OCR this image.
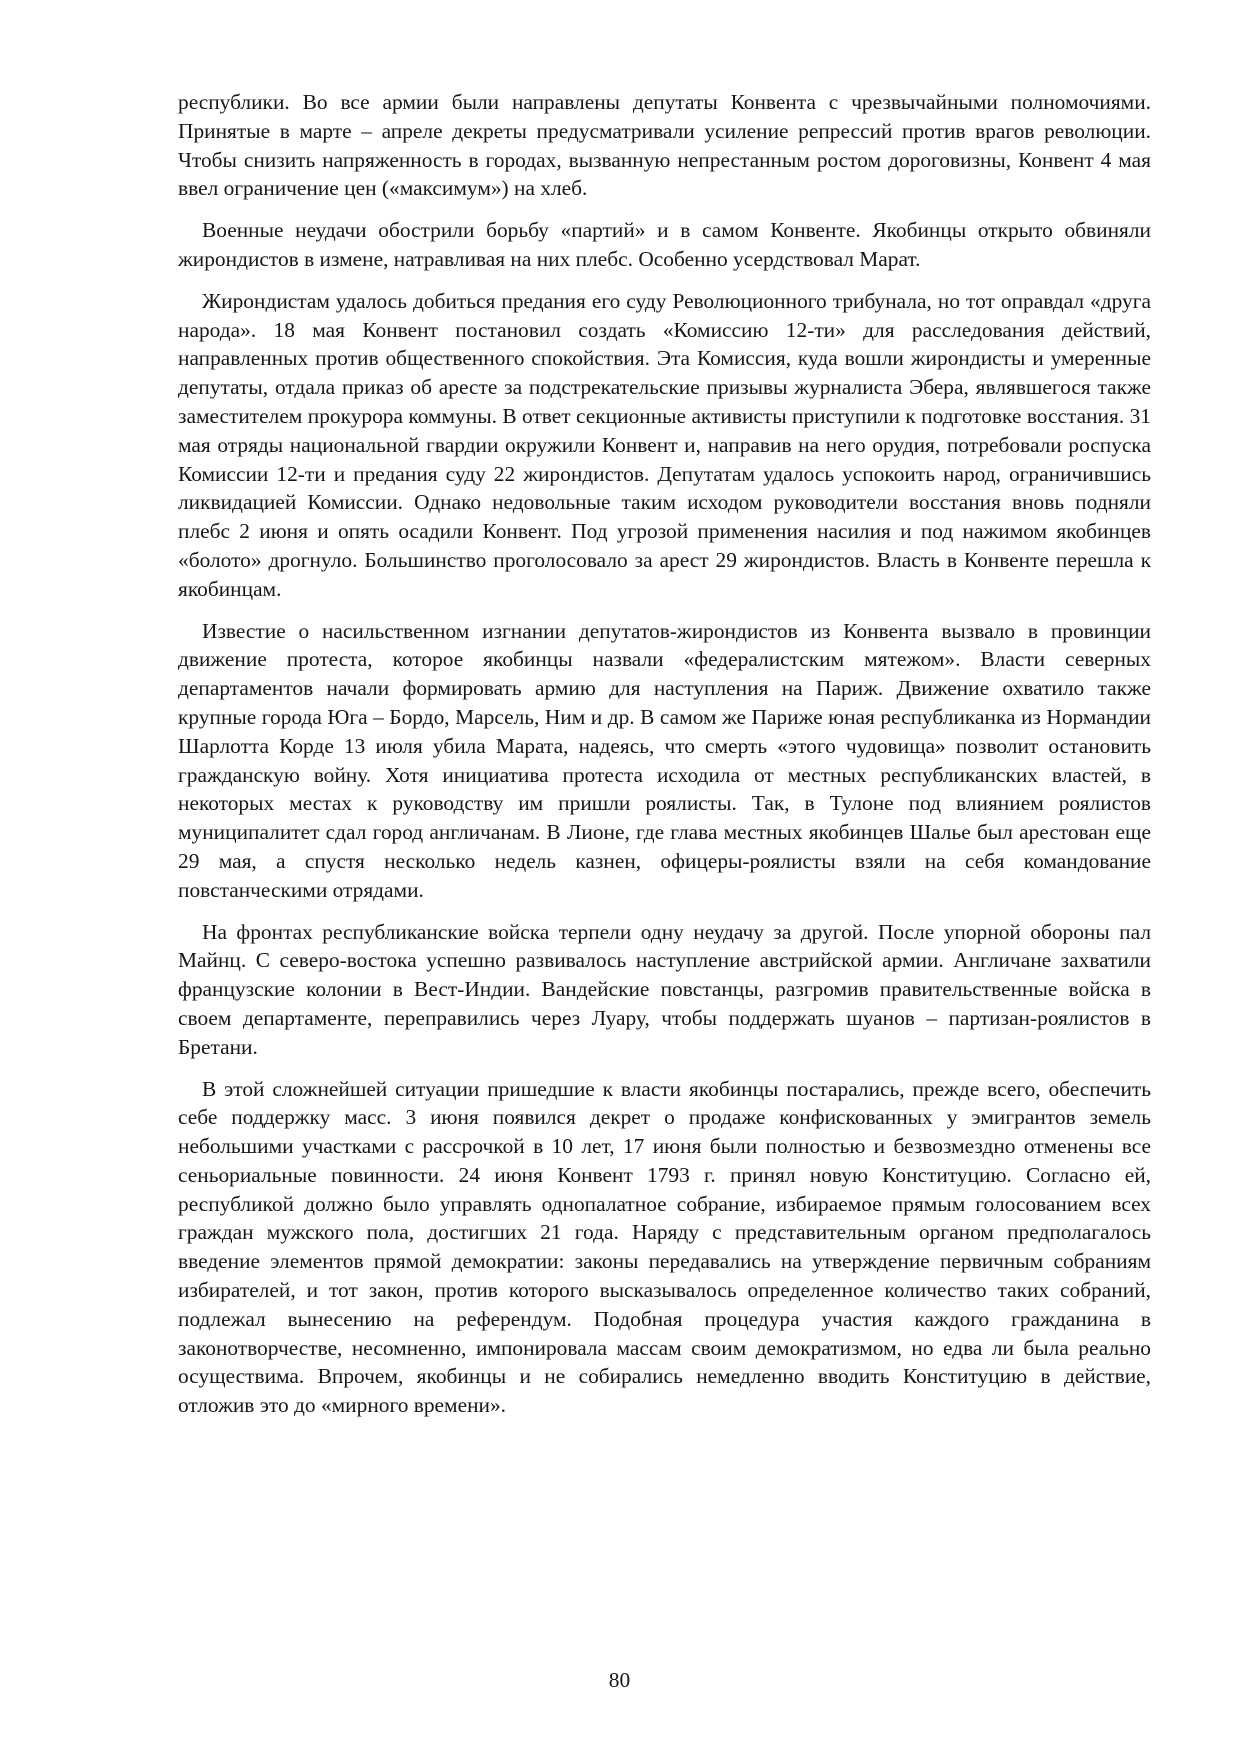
республики. Во все армии были направлены депутаты Конвента с чрезвычайными полномочиями. Принятые в марте – апреле декреты предусматривали усиление репрессий против врагов революции. Чтобы снизить напряженность в городах, вызванную непрестанным ростом дороговизны, Конвент 4 мая ввел ограничение цен («максимум») на хлеб.

Военные неудачи обострили борьбу «партий» и в самом Конвенте. Якобинцы открыто обвиняли жирондистов в измене, натравливая на них плебс. Особенно усердствовал Марат.

Жирондистам удалось добиться предания его суду Революционного трибунала, но тот оправдал «друга народа». 18 мая Конвент постановил создать «Комиссию 12-ти» для расследования действий, направленных против общественного спокойствия. Эта Комиссия, куда вошли жирондисты и умеренные депутаты, отдала приказ об аресте за подстрекательские призывы журналиста Эбера, являвшегося также заместителем прокурора коммуны. В ответ секционные активисты приступили к подготовке восстания. 31 мая отряды национальной гвардии окружили Конвент и, направив на него орудия, потребовали роспуска Комиссии 12-ти и предания суду 22 жирондистов. Депутатам удалось успокоить народ, ограничившись ликвидацией Комиссии. Однако недовольные таким исходом руководители восстания вновь подняли плебс 2 июня и опять осадили Конвент. Под угрозой применения насилия и под нажимом якобинцев «болото» дрогнуло. Большинство проголосовало за арест 29 жирондистов. Власть в Конвенте перешла к якобинцам.

Известие о насильственном изгнании депутатов-жирондистов из Конвента вызвало в провинции движение протеста, которое якобинцы назвали «федералистским мятежом». Власти северных департаментов начали формировать армию для наступления на Париж. Движение охватило также крупные города Юга – Бордо, Марсель, Ним и др. В самом же Париже юная республиканка из Нормандии Шарлотта Корде 13 июля убила Марата, надеясь, что смерть «этого чудовища» позволит остановить гражданскую войну. Хотя инициатива протеста исходила от местных республиканских властей, в некоторых местах к руководству им пришли роялисты. Так, в Тулоне под влиянием роялистов муниципалитет сдал город англичанам. В Лионе, где глава местных якобинцев Шалье был арестован еще 29 мая, а спустя несколько недель казнен, офицеры-роялисты взяли на себя командование повстанческими отрядами.

На фронтах республиканские войска терпели одну неудачу за другой. После упорной обороны пал Майнц. С северо-востока успешно развивалось наступление австрийской армии. Англичане захватили французские колонии в Вест-Индии. Вандейские повстанцы, разгромив правительственные войска в своем департаменте, переправились через Луару, чтобы поддержать шуанов – партизан-роялистов в Бретани.

В этой сложнейшей ситуации пришедшие к власти якобинцы постарались, прежде всего, обеспечить себе поддержку масс. 3 июня появился декрет о продаже конфискованных у эмигрантов земель небольшими участками с рассрочкой в 10 лет, 17 июня были полностью и безвозмездно отменены все сеньориальные повинности. 24 июня Конвент 1793 г. принял новую Конституцию. Согласно ей, республикой должно было управлять однопалатное собрание, избираемое прямым голосованием всех граждан мужского пола, достигших 21 года. Наряду с представительным органом предполагалось введение элементов прямой демократии: законы передавались на утверждение первичным собраниям избирателей, и тот закон, против которого высказывалось определенное количество таких собраний, подлежал вынесению на референдум. Подобная процедура участия каждого гражданина в законотворчестве, несомненно, импонировала массам своим демократизмом, но едва ли была реально осуществима. Впрочем, якобинцы и не собирались немедленно вводить Конституцию в действие, отложив это до «мирного времени».

80
